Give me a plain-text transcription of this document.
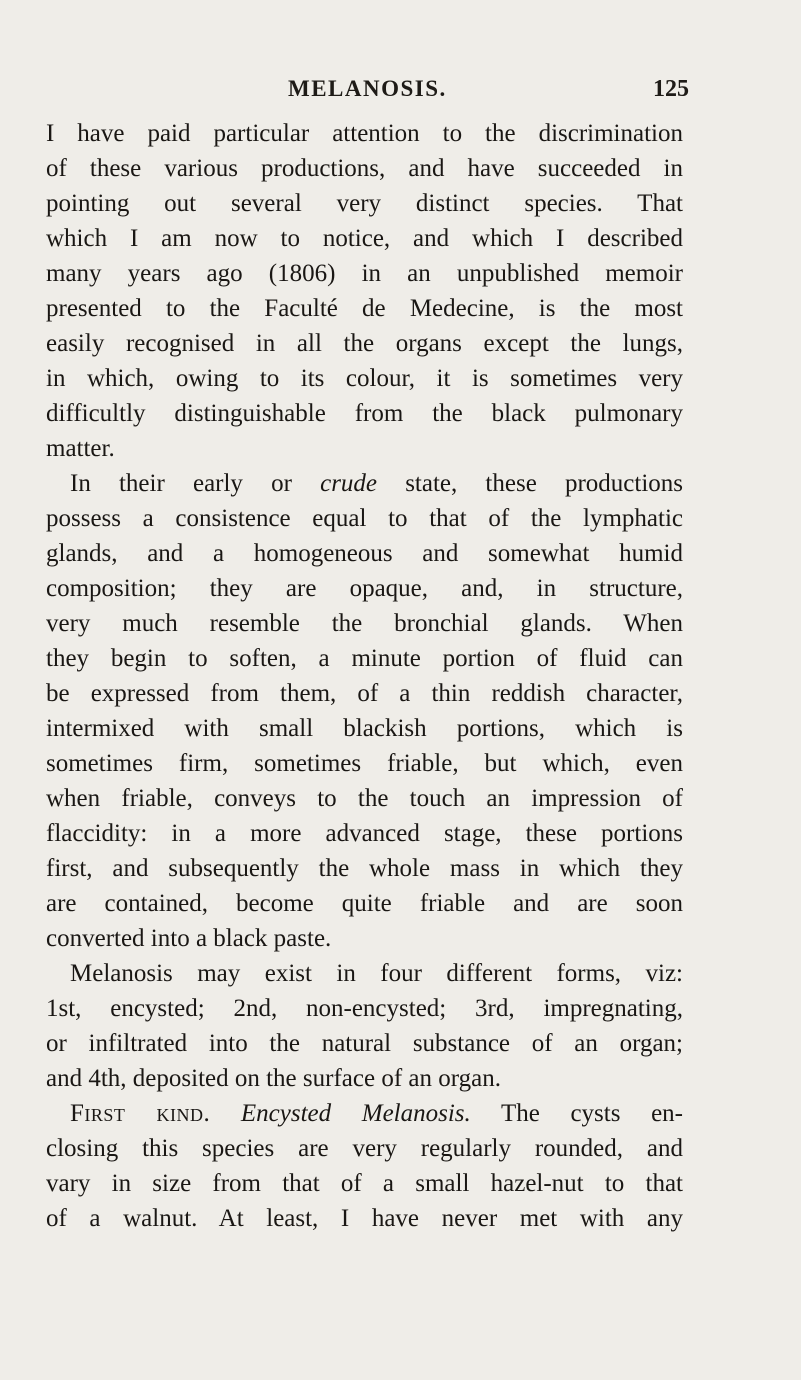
MELANOSIS.	125
I have paid particular attention to the discrimination
of these various productions, and have succeeded in
pointing out several very distinct species. That
which I am now to notice, and which I described
many years ago (1806) in an unpublished memoir
presented to the Faculté de Medecine, is the most
easily recognised in all the organs except the lungs,
in which, owing to its colour, it is sometimes very
difficultly distinguishable from the black pulmonary
matter.
In their early or crude state, these productions
possess a consistence equal to that of the lymphatic
glands, and a homogeneous and somewhat humid
composition; they are opaque, and, in structure,
very much resemble the bronchial glands. When
they begin to soften, a minute portion of fluid can
be expressed from them, of a thin reddish character,
intermixed with small blackish portions, which is
sometimes firm, sometimes friable, but which, even
when friable, conveys to the touch an impression of
flaccidity: in a more advanced stage, these portions
first, and subsequently the whole mass in which they
are contained, become quite friable and are soon
converted into a black paste.
Melanosis may exist in four different forms, viz:
1st, encysted; 2nd, non-encysted; 3rd, impregnating,
or infiltrated into the natural substance of an organ;
and 4th, deposited on the surface of an organ.
First kind. Encysted Melanosis. The cysts en-
closing this species are very regularly rounded, and
vary in size from that of a small hazel-nut to that
of a walnut. At least, I have never met with any
